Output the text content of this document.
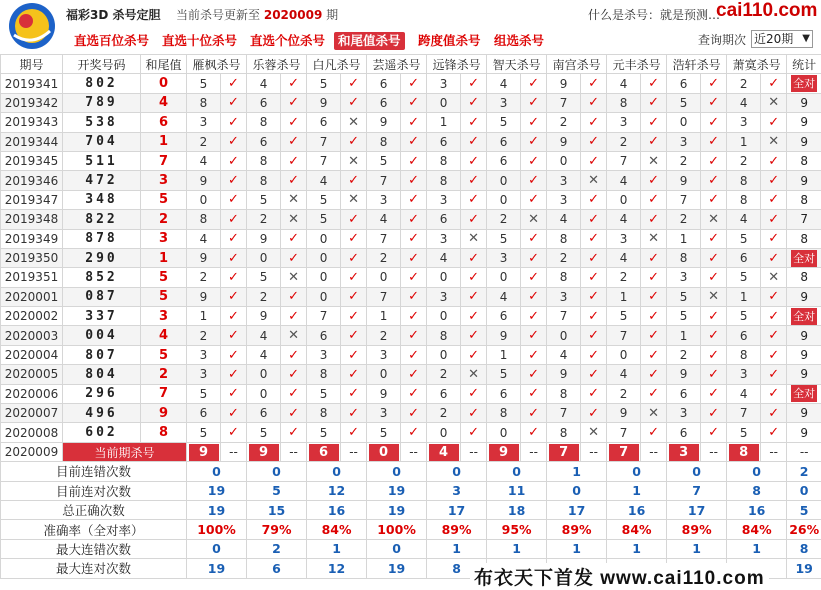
福彩3D 杀号定胆 当前杀号更新至 2020009 期	什么是杀号：就是预测…
cai110.com
直选百位杀号	直选十位杀号	直选个位杀号	和尾值杀号	跨度值杀号	组选杀号	查询期次 近20期 ▼
期号	开奖号码	和尾值	雁枫杀号		乐蓉杀号		白凡杀号		芸遥杀号		远锋杀号		智天杀号		南宫杀号		元丰杀号		浩轩杀号		萧寞杀号		统计
2019341	802	0	5	✓	4	✓	5	✓	6	✓	3	✓	4	✓	9	✓	4	✓	6	✓	2	✓	全对
2019342	789	4	8	✓	6	✓	9	✓	6	✓	0	✓	3	✓	7	✓	8	✓	5	✓	4	✕	9
2019343	538	6	3	✓	8	✓	6	✕	9	✓	1	✓	5	✓	2	✓	3	✓	0	✓	3	✓	9
2019344	704	1	2	✓	6	✓	7	✓	8	✓	6	✓	6	✓	9	✓	2	✓	3	✓	1	✕	9
2019345	511	7	4	✓	8	✓	7	✕	5	✓	8	✓	6	✓	0	✓	7	✕	2	✓	2	✓	8
2019346	472	3	9	✓	8	✓	4	✓	7	✓	8	✓	0	✓	3	✕	4	✓	9	✓	8	✓	9
2019347	348	5	0	✓	5	✕	5	✕	3	✓	3	✓	0	✓	3	✓	0	✓	7	✓	8	✓	8
2019348	822	2	8	✓	2	✕	5	✓	4	✓	6	✓	2	✕	4	✓	4	✓	2	✕	4	✓	7
2019349	878	3	4	✓	9	✓	0	✓	7	✓	3	✕	5	✓	8	✓	3	✕	1	✓	5	✓	8
2019350	290	1	9	✓	0	✓	0	✓	2	✓	4	✓	3	✓	2	✓	4	✓	8	✓	6	✓	全对
2019351	852	5	2	✓	5	✕	0	✓	0	✓	0	✓	0	✓	8	✓	2	✓	3	✓	5	✕	8
2020001	087	5	9	✓	2	✓	0	✓	7	✓	3	✓	4	✓	3	✓	1	✓	5	✕	1	✓	9
2020002	337	3	1	✓	9	✓	7	✓	1	✓	0	✓	6	✓	7	✓	5	✓	5	✓	5	✓	全对
2020003	004	4	2	✓	4	✕	6	✓	2	✓	8	✓	9	✓	0	✓	7	✓	1	✓	6	✓	9
2020004	807	5	3	✓	4	✓	3	✓	3	✓	0	✓	1	✓	4	✓	0	✓	2	✓	8	✓	9
2020005	804	2	3	✓	0	✓	8	✓	0	✓	2	✕	5	✓	9	✓	4	✓	9	✓	3	✓	9
2020006	296	7	5	✓	0	✓	5	✓	9	✓	6	✓	6	✓	8	✓	2	✓	6	✓	4	✓	全对
2020007	496	9	6	✓	6	✓	8	✓	3	✓	2	✓	8	✓	7	✓	9	✕	3	✓	7	✓	9
2020008	602	8	5	✓	5	✓	5	✓	5	✓	0	✓	0	✓	8	✕	7	✓	6	✓	5	✓	9
2020009	当前期杀号		9	--	9	--	6	--	0	--	4	--	9	--	7	--	7	--	3	--	8	--	--
目前连错次数			0		0		0		0		0		0		1		0		0		0		2
目前连对次数			19		5		12		19		3		11		0		1		7		8		0
总正确次数			19		15		16		19		17		18		17		16		17		16		5
准确率（全对率）			100%		79%		84%		100%		89%		95%		89%		84%		89%		84%		26%
最大连错次数			0		2		1		0		1		1		1		1		1		1		8
最大连对次数			19		6		12		19		8												19
布衣天下首发 www.cai110.com
